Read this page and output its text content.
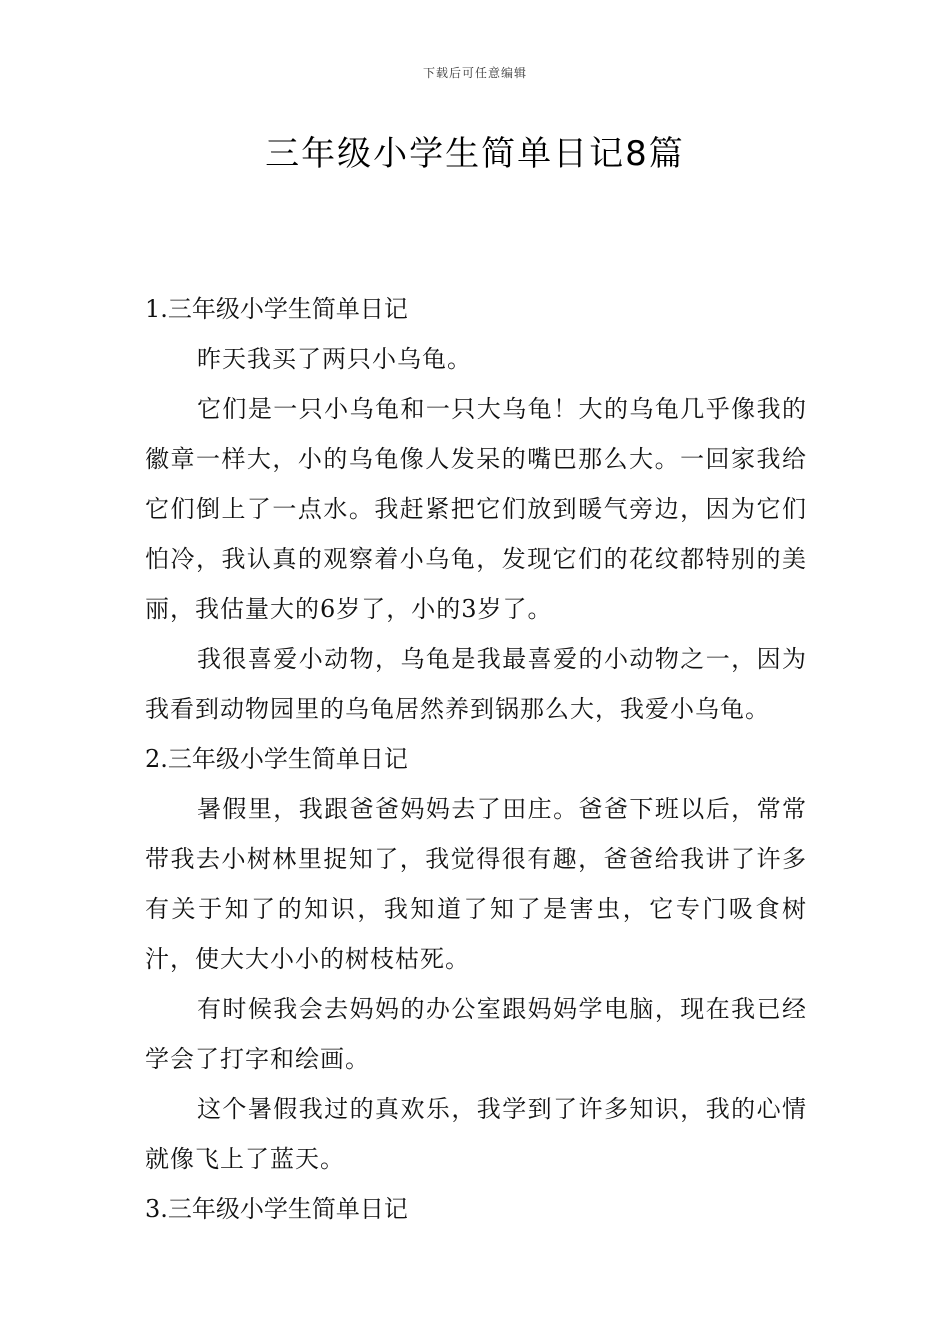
下载后可任意编辑
三年级小学生简单日记8篇
1.三年级小学生简单日记

昨天我买了两只小乌龟。

它们是一只小乌龟和一只大乌龟！大的乌龟几乎像我的徽章一样大，小的乌龟像人发呆的嘴巴那么大。一回家我给它们倒上了一点水。我赶紧把它们放到暖气旁边，因为它们怕冷，我认真的观察着小乌龟，发现它们的花纹都特别的美丽，我估量大的6岁了，小的3岁了。

我很喜爱小动物，乌龟是我最喜爱的小动物之一，因为我看到动物园里的乌龟居然养到锅那么大，我爱小乌龟。

2.三年级小学生简单日记

暑假里，我跟爸爸妈妈去了田庄。爸爸下班以后，常常带我去小树林里捉知了，我觉得很有趣，爸爸给我讲了许多有关于知了的知识，我知道了知了是害虫，它专门吸食树汁，使大大小小的树枝枯死。

有时候我会去妈妈的办公室跟妈妈学电脑，现在我已经学会了打字和绘画。

这个暑假我过的真欢乐，我学到了许多知识，我的心情就像飞上了蓝天。

3.三年级小学生简单日记
